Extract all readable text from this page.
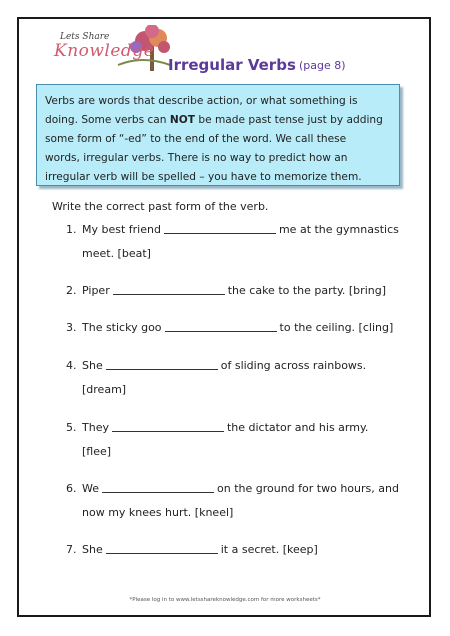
Lets Share
Knowledge
Irregular Verbs (page 8)
Verbs are words that describe action, or what something is
doing. Some verbs can NOT be made past tense just by adding
some form of “-ed” to the end of the word. We call these
words, irregular verbs. There is no way to predict how an
irregular verb will be spelled – you have to memorize them.
Write the correct past form of the verb.
1. My best friend	me at the gymnastics
meet. [beat]
2. Piper	the cake to the party. [bring]
3. The sticky goo	to the ceiling. [cling]
4. She	of sliding across rainbows.
[dream]
5. They	the dictator and his army.
[flee]
6. We	on the ground for two hours, and
now my knees hurt. [kneel]
7. She	it a secret. [keep]
*Please log in to www.letsshareknowledge.com for more worksheets*
